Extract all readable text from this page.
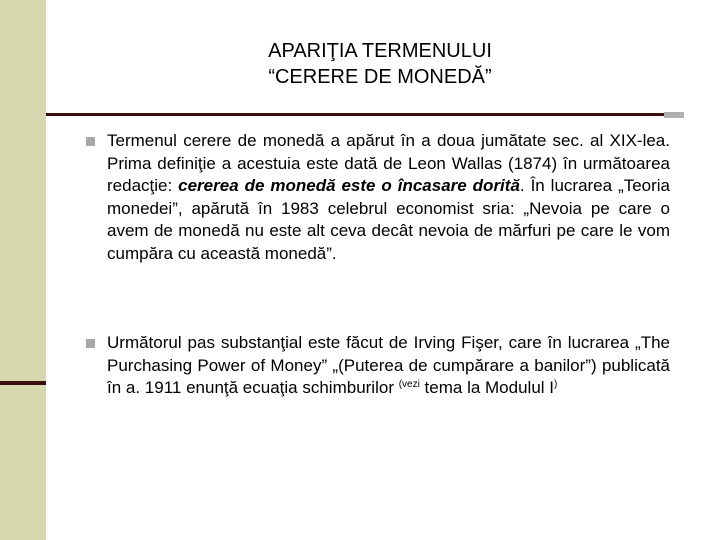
APARIŢIA TERMENULUI
“CERERE DE MONEDĂ”
Termenul cerere de monedă a apărut în a doua jumătate sec. al XIX-lea. Prima definiţie a acestuia este dată de Leon Wallas (1874) în următoarea redacţie: cererea de monedă este o încasare dorită. În lucrarea „Teoria monedei”, apărută în 1983 celebrul economist sria: „Nevoia pe care o avem de monedă nu este alt ceva decât nevoia de mărfuri pe care le vom cumpăra cu această monedă”.
Următorul pas substanţial este făcut de Irving Fişer, care în lucrarea „The Purchasing Power of Money” „(Puterea de cumpărare a banilor”) publicată în a. 1911 enunţă ecuaţia schimburilor $^{(vezi}$ tema la Modulul I)
